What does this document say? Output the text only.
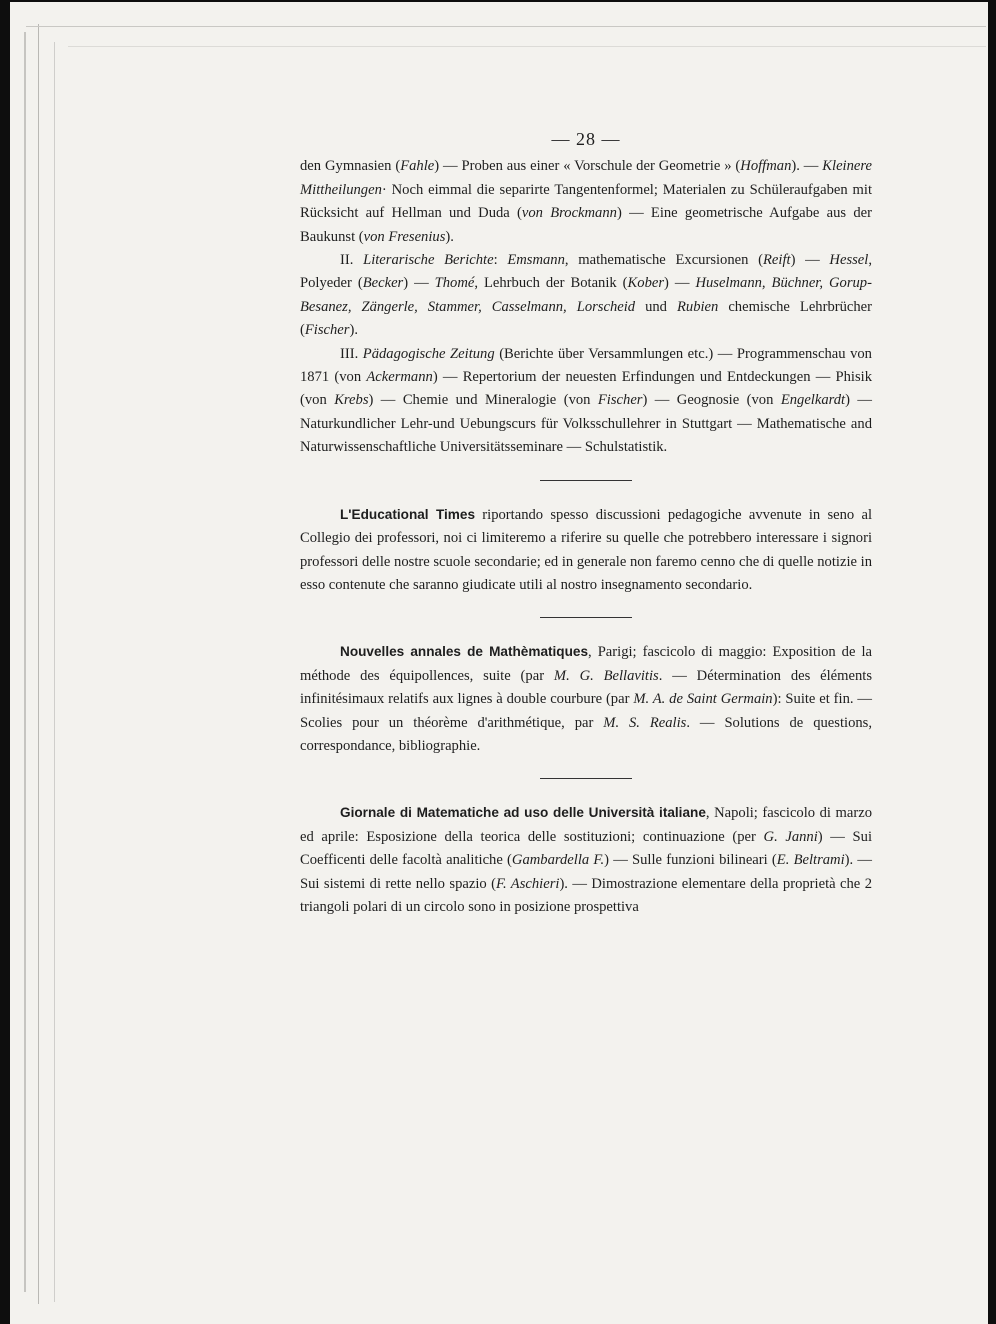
— 28 —

den Gymnasien (Fahle) — Proben aus einer « Vorschule der Geometrie » (Hoffman). — Kleinere Mittheilungen· Noch eimmal die separirte Tangentenformel; Materialen zu Schüleraufgaben mit Rücksicht auf Hellman und Duda (von Brockmann) — Eine geometrische Aufgabe aus der Baukunst (von Fresenius).

II. Literarische Berichte: Emsmann, mathematische Excursionen (Reift) — Hessel, Polyeder (Becker) — Thomé, Lehrbuch der Botanik (Kober) — Huselmann, Büchner, Gorup-Besanez, Zängerle, Stammer, Casselmann, Lorscheid und Rubien chemische Lehrbrücher (Fischer).

III. Pädagogische Zeitung (Berichte über Versammlungen etc.) — Programmenschau von 1871 (von Ackermann) — Repertorium der neuesten Erfindungen und Entdeckungen — Phisik (von Krebs) — Chemie und Mineralogie (von Fischer) — Geognosie (von Engelkardt) — Naturkundlicher Lehr-und Uebungscurs für Volksschullehrer in Stuttgart — Mathematische and Naturwissenschaftliche Universitätsseminare — Schulstatistik.

L'Educational Times riportando spesso discussioni pedagogiche avvenute in seno al Collegio dei professori, noi ci limiteremo a riferire su quelle che potrebbero interessare i signori professori delle nostre scuole secondarie; ed in generale non faremo cenno che di quelle notizie in esso contenute che saranno giudicate utili al nostro insegnamento secondario.

Nouvelles annales de Mathèmatiques, Parigi; fascicolo di maggio: Exposition de la méthode des équipollences, suite (par M. G. Bellavitis. — Détermination des éléments infinitésimaux relatifs aux lignes à double courbure (par M. A. de Saint Germain): Suite et fin. — Scolies pour un théorème d'arithmétique, par M. S. Realis. — Solutions de questions, correspondance, bibliographie.

Giornale di Matematiche ad uso delle Università italiane, Napoli; fascicolo di marzo ed aprile: Esposizione della teorica delle sostituzioni; continuazione (per G. Janni) — Sui Coefficenti delle facoltà analitiche (Gambardella F.) — Sulle funzioni bilineari (E. Beltrami). — Sui sistemi di rette nello spazio (F. Aschieri). — Dimostrazione elementare della proprietà che 2 triangoli polari di un circolo sono in posizione prospettiva
